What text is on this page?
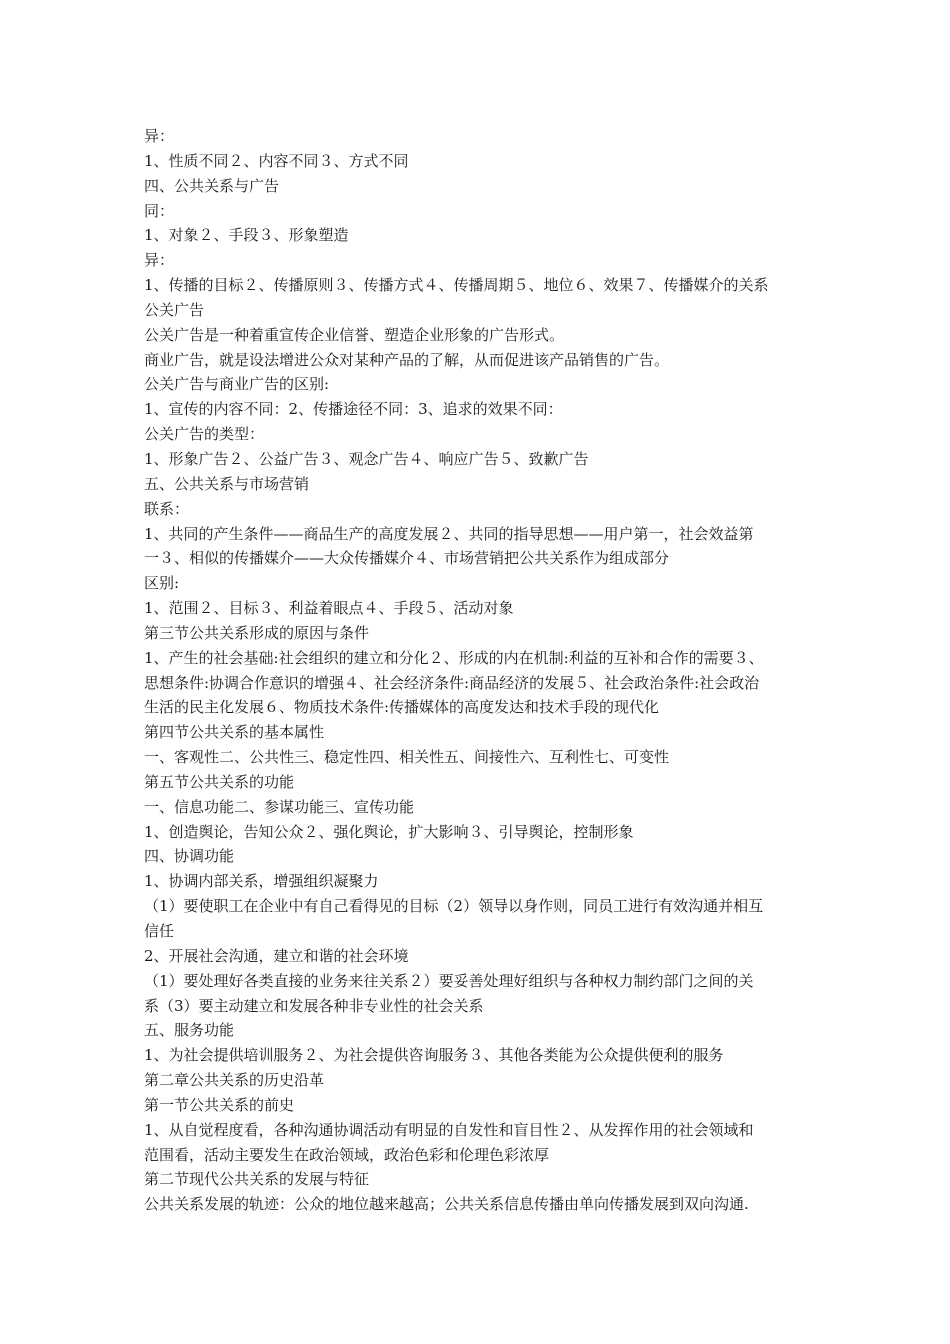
异：
1、性质不同２、内容不同３、方式不同
四、公共关系与广告
同：
1、对象２、手段３、形象塑造
异：
1、传播的目标２、传播原则３、传播方式４、传播周期５、地位６、效果７、传播媒介的关系
公关广告
公关广告是一种着重宣传企业信誉、塑造企业形象的广告形式。
商业广告，就是设法增进公众对某种产品的了解，从而促进该产品销售的广告。
公关广告与商业广告的区别:
1、宣传的内容不同：2、传播途径不同：3、追求的效果不同：
公关广告的类型：
1、形象广告２、公益广告３、观念广告４、响应广告５、致歉广告
五、公共关系与市场营销
联系：
1、共同的产生条件——商品生产的高度发展２、共同的指导思想——用户第一，社会效益第
一３、相似的传播媒介——大众传播媒介４、市场营销把公共关系作为组成部分
区别:
1、范围２、目标３、利益着眼点４、手段５、活动对象
第三节公共关系形成的原因与条件
1、产生的社会基础:社会组织的建立和分化２、形成的内在机制:利益的互补和合作的需要３、
思想条件:协调合作意识的增强４、社会经济条件:商品经济的发展５、社会政治条件:社会政治
生活的民主化发展６、物质技术条件:传播媒体的高度发达和技术手段的现代化
第四节公共关系的基本属性
一、客观性二、公共性三、稳定性四、相关性五、间接性六、互利性七、可变性
第五节公共关系的功能
一、信息功能二、参谋功能三、宣传功能
1、创造舆论，告知公众２、强化舆论，扩大影响３、引导舆论，控制形象
四、协调功能
1、协调内部关系，增强组织凝聚力
（1）要使职工在企业中有自己看得见的目标（2）领导以身作则，同员工进行有效沟通并相互
信任
2、开展社会沟通，建立和谐的社会环境
（1）要处理好各类直接的业务来往关系２）要妥善处理好组织与各种权力制约部门之间的关
系（3）要主动建立和发展各种非专业性的社会关系
五、服务功能
1、为社会提供培训服务２、为社会提供咨询服务３、其他各类能为公众提供便利的服务
第二章公共关系的历史沿革
第一节公共关系的前史
1、从自觉程度看，各种沟通协调活动有明显的自发性和盲目性２、从发挥作用的社会领域和
范围看，活动主要发生在政治领域，政治色彩和伦理色彩浓厚
第二节现代公共关系的发展与特征
公共关系发展的轨迹：公众的地位越来越高；公共关系信息传播由单向传播发展到双向沟通.
